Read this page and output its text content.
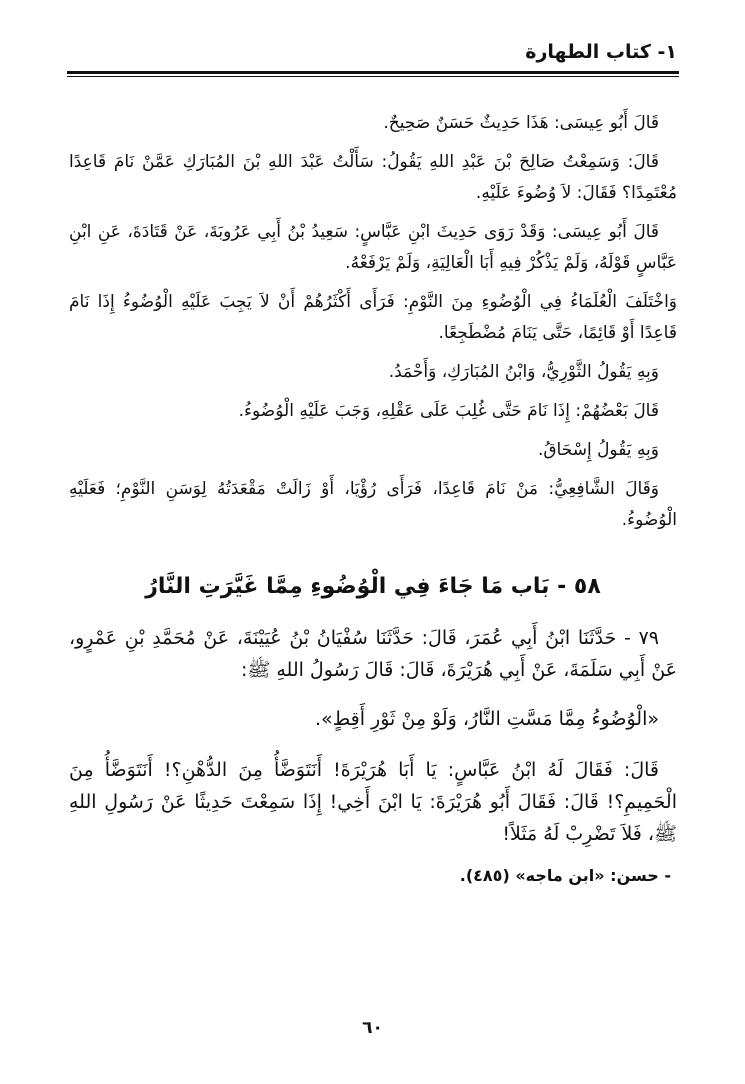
١- كتاب الطهارة

قَالَ أَبُو عِيسَى: هَذَا حَدِيثٌ حَسَنٌ صَحِيحٌ.

قَالَ: وَسَمِعْتُ صَالِحَ بْنَ عَبْدِ اللهِ يَقُولُ: سَأَلْتُ عَبْدَ اللهِ بْنَ المُبَارَكِ عَمَّنْ نَامَ قَاعِدًا مُعْتَمِدًا؟ فَقَالَ: لاَ وُضُوءَ عَلَيْهِ.

قَالَ أَبُو عِيسَى: وَقَدْ رَوَى حَدِيثَ ابْنِ عَبَّاسٍ: سَعِيدُ بْنُ أَبِي عَرُوبَةَ، عَنْ قَتَادَةَ، عَنِ ابْنِ عَبَّاسٍ قَوْلَهُ، وَلَمْ يَذْكُرْ فِيهِ أَبَا الْعَالِيَةِ، وَلَمْ يَرْفَعْهُ.

وَاخْتَلَفَ الْعُلَمَاءُ فِي الْوُضُوءِ مِنَ النَّوْمِ: فَرَأَى أَكْثَرُهُمْ أَنْ لاَ يَجِبَ عَلَيْهِ الْوُضُوءُ إِذَا نَامَ قَاعِدًا أَوْ قَائِمًا، حَتَّى يَنَامَ مُضْطَجِعًا.

وَبِهِ يَقُولُ الثَّوْرِيُّ، وَابْنُ المُبَارَكِ، وَأَحْمَدُ.

قَالَ بَعْضُهُمْ: إِذَا نَامَ حَتَّى غُلِبَ عَلَى عَقْلِهِ، وَجَبَ عَلَيْهِ الْوُضُوءُ.

وَبِهِ يَقُولُ إِسْحَاقُ.

وَقَالَ الشَّافِعِيُّ: مَنْ نَامَ قَاعِدًا، فَرَأَى رُؤْيَا، أَوْ زَالَتْ مَقْعَدَتُهُ لِوَسَنِ النَّوْمِ؛ فَعَلَيْهِ الْوُضُوءُ.

٥٨ - بَاب مَا جَاءَ فِي الْوُضُوءِ مِمَّا غَيَّرَتِ النَّارُ

٧٩ - حَدَّثَنَا ابْنُ أَبِي عُمَرَ، قَالَ: حَدَّثَنَا سُفْيَانُ بْنُ عُيَيْنَةَ، عَنْ مُحَمَّدِ بْنِ عَمْرٍو، عَنْ أَبِي سَلَمَةَ، عَنْ أَبِي هُرَيْرَةَ، قَالَ: قَالَ رَسُولُ اللهِ ﷺ:

«الْوُضُوءُ مِمَّا مَسَّتِ النَّارُ، وَلَوْ مِنْ ثَوْرِ أَقِطٍ».

قَالَ: فَقَالَ لَهُ ابْنُ عَبَّاسٍ: يَا أَبَا هُرَيْرَةَ! أَنَتَوَضَّأُ مِنَ الدُّهْنِ؟! أَنَتَوَضَّأُ مِنَ الْحَمِيمِ؟! قَالَ: فَقَالَ أَبُو هُرَيْرَةَ: يَا ابْنَ أَخِي! إِذَا سَمِعْتَ حَدِيثًا عَنْ رَسُولِ اللهِ ﷺ، فَلاَ تَضْرِبْ لَهُ مَثَلاً!

- حسن: «ابن ماجه» (٤٨٥).

٦٠
